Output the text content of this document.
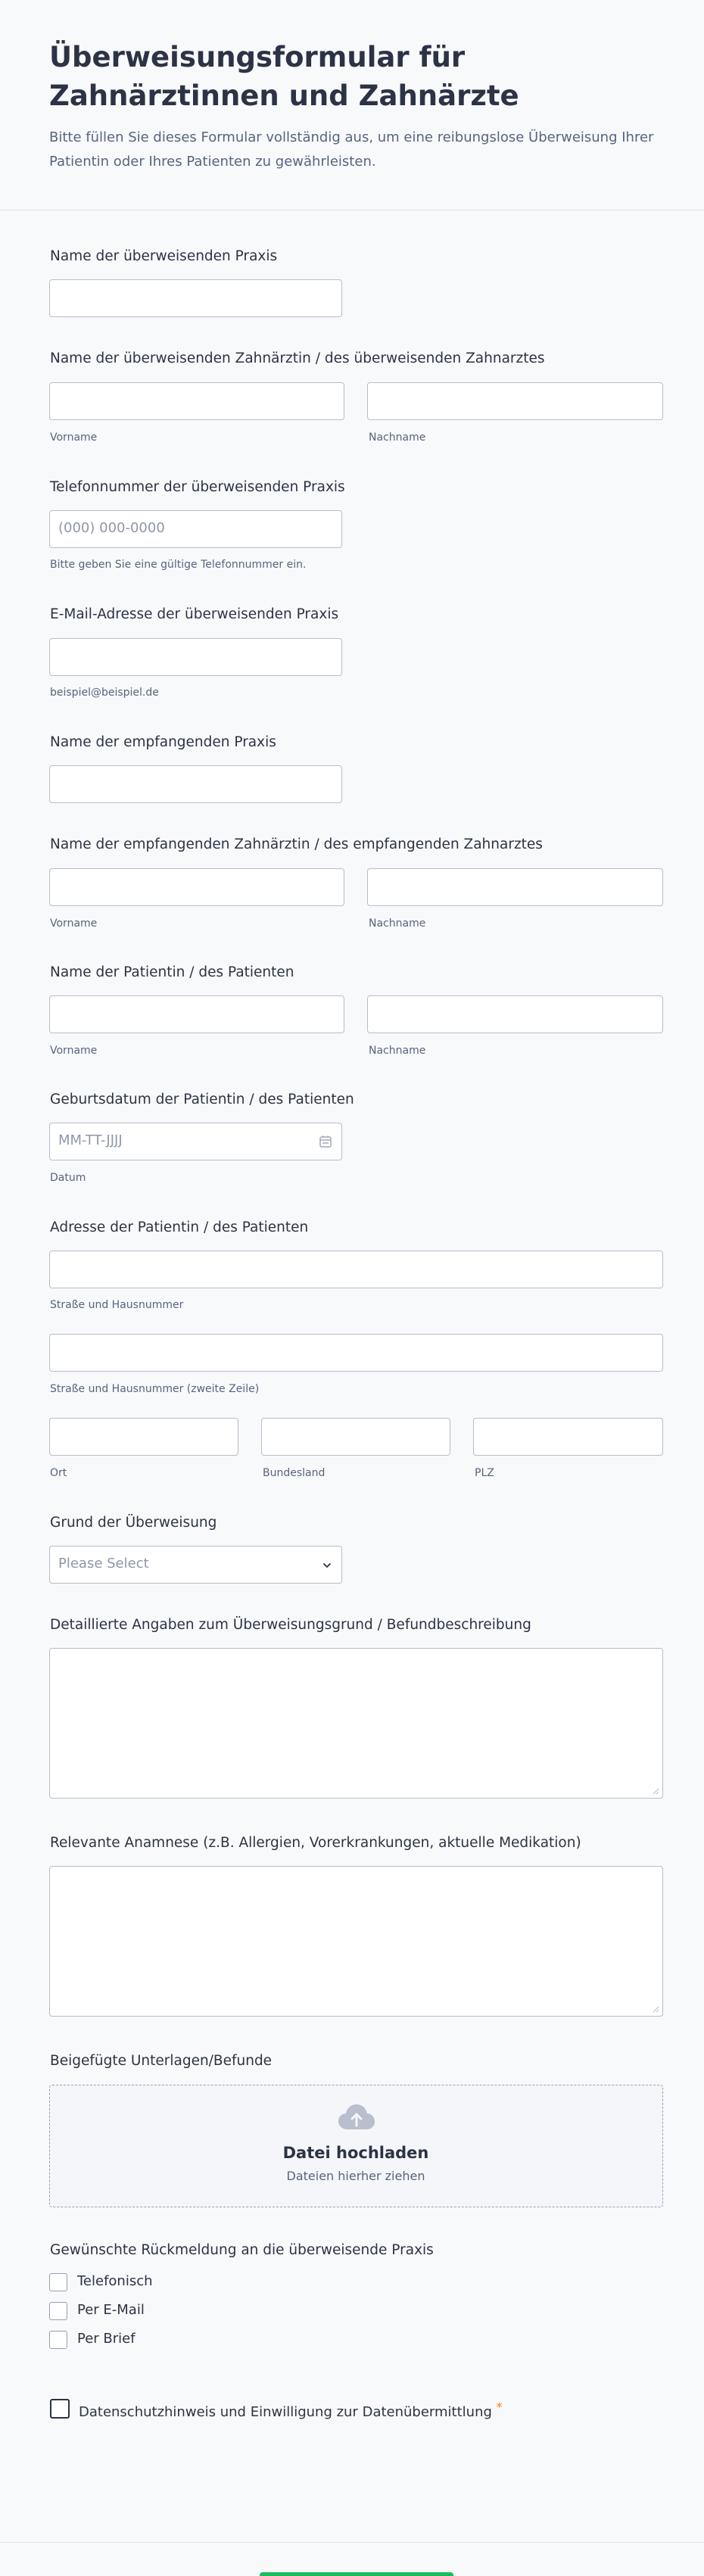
Überweisungsformular für Zahnärztinnen und Zahnärzte
Bitte füllen Sie dieses Formular vollständig aus, um eine reibungslose Überweisung Ihrer Patientin oder Ihres Patienten zu gewährleisten.
Name der überweisenden Praxis
Name der überweisenden Zahnärztin / des überweisenden Zahnarztes
Vorname	Nachname
Telefonnummer der überweisenden Praxis
(000) 000-0000
Bitte geben Sie eine gültige Telefonnummer ein.
E-Mail-Adresse der überweisenden Praxis
beispiel@beispiel.de
Name der empfangenden Praxis
Name der empfangenden Zahnärztin / des empfangenden Zahnarztes
Vorname	Nachname
Name der Patientin / des Patienten
Vorname	Nachname
Geburtsdatum der Patientin / des Patienten
MM-TT-JJJJ
Datum
Adresse der Patientin / des Patienten
Straße und Hausnummer
Straße und Hausnummer (zweite Zeile)
Ort	Bundesland	PLZ
Grund der Überweisung
Please Select
Detaillierte Angaben zum Überweisungsgrund / Befundbeschreibung
Relevante Anamnese (z.B. Allergien, Vorerkrankungen, aktuelle Medikation)
Beigefügte Unterlagen/Befunde
Datei hochladen
Dateien hierher ziehen
Gewünschte Rückmeldung an die überweisende Praxis
Telefonisch
Per E-Mail
Per Brief
Datenschutzhinweis und Einwilligung zur Datenübermittlung *
